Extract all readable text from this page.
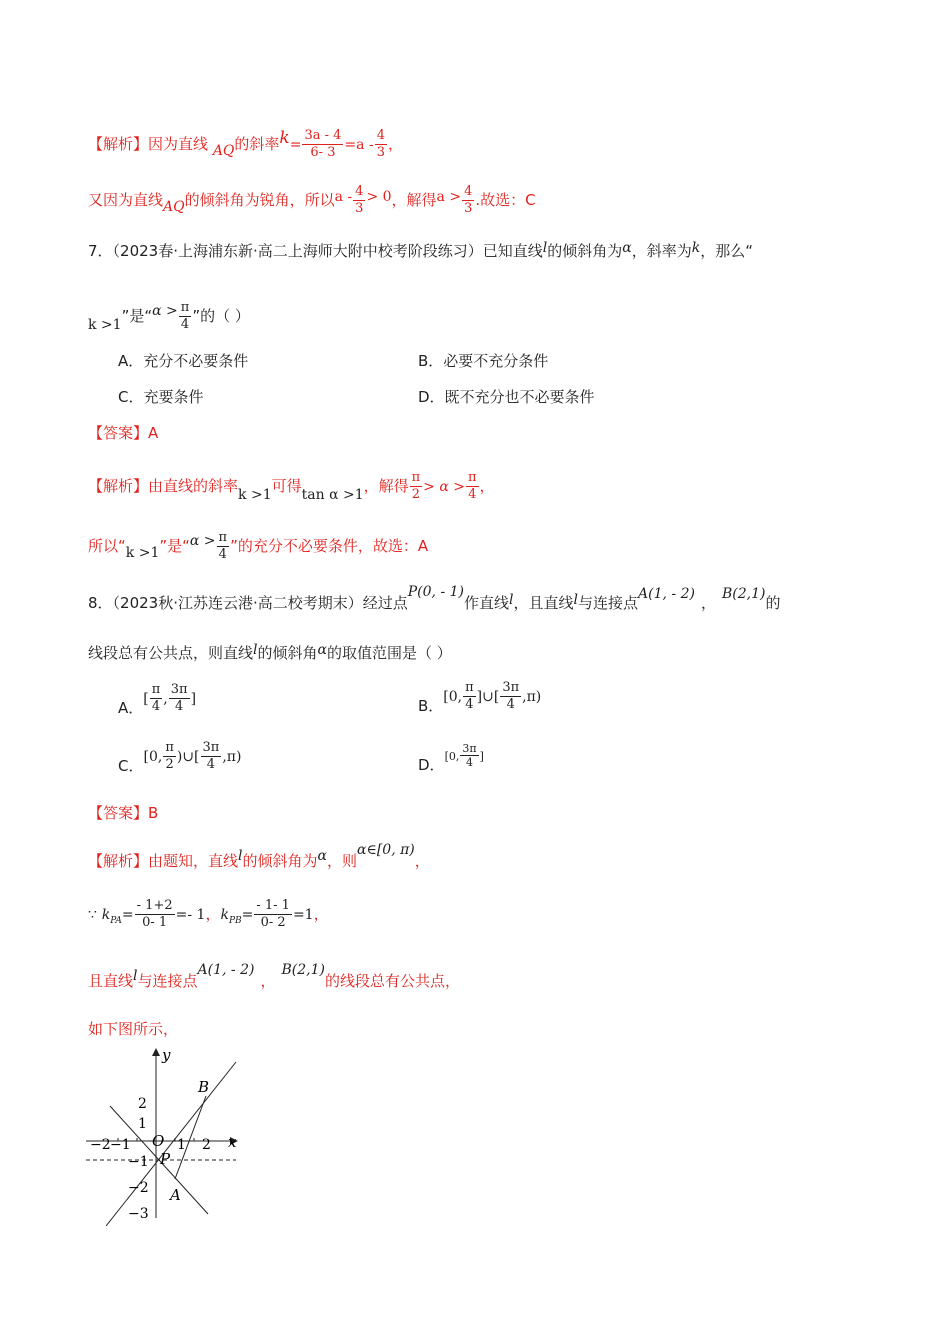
【解析】因为直线 AQ的斜率$k= \frac{3a - 4}{6- 3} =a - \frac{4}{3}$ ，
又因为直线AQ的倾斜角为锐角，所以$a - \frac{4}{3} > 0$，解得$a > \frac{4}{3}$ .故选：C
7．（2023春·上海浦东新·高二上海师大附中校考阶段练习）已知直线l的倾斜角为α，斜率为k，那么“
k >1”是“$\alpha > \frac{\pi}{4}$ ”的（ ）
A．充分不必要条件	B．必要不充分条件
C．充要条件	D．既不充分也不必要条件
【答案】A
【解析】由直线的斜率k >1可得tan α >1，解得 $\frac{\pi}{2} > \alpha > \frac{\pi}{4}$ ，
所以“k >1”是“$\alpha > \frac{\pi}{4}$ ”的充分不必要条件，故选：A
8．（2023秋·江苏连云港·高二校考期末）经过点P(0, - 1)作直线l，且直线l与连接点A(1, - 2) ， B(2,1)的
线段总有公共点，则直线l的倾斜角α的取值范围是（ ）
A．[ $\frac{\pi}{4}$ , $\frac{3\pi}{4}$ ]	B．[0, $\frac{\pi}{4}$ ]∪[ $\frac{3\pi}{4} ,\pi$)
C．[0, $\frac{\pi}{2}$ )∪[ $\frac{3\pi}{4} ,\pi$)	D．[0, $\frac{3\pi}{4}$ ]
【答案】B
【解析】由题知，直线l的倾斜角为α，则α∈[0, π)，
∵ $k_{PA}= \frac{- 1+2}{0- 1} =- 1$，$k_{PB}= \frac{- 1- 1}{0- 2} =1$，
且直线l与连接点A(1, - 2)，B(2,1)的线段总有公共点，
如下图所示，
y
x
O
P
A
B
−2 −1	1 2
2
1
−1
−2
−3
